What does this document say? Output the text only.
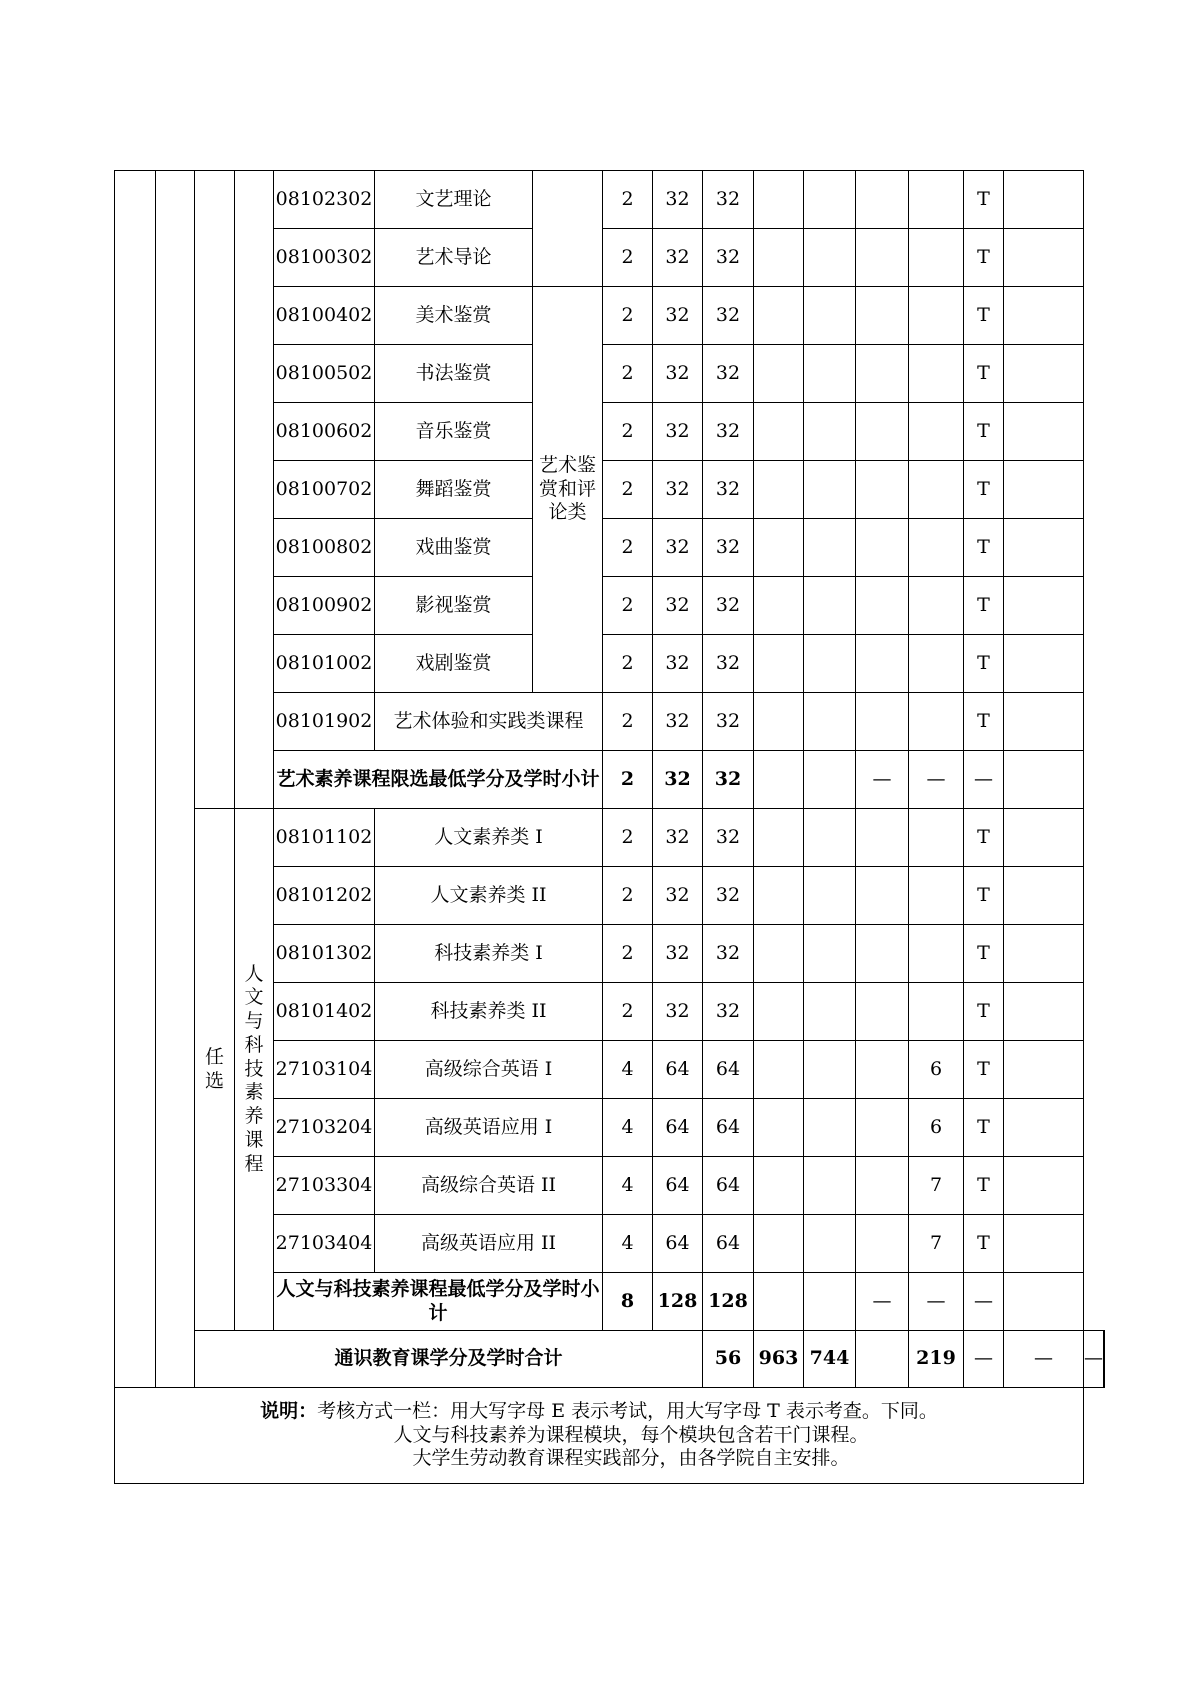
				08102302	文艺理论		2	32	32					T			
				08100302	艺术导论		2	32	32					T			
				08100402	美术鉴赏	艺术鉴赏和评论类	2	32	32					T			
				08100502	书法鉴赏		2	32	32					T			
				08100602	音乐鉴赏		2	32	32					T			
				08100702	舞蹈鉴赏		2	32	32					T			
				08100802	戏曲鉴赏		2	32	32					T			
				08100902	影视鉴赏		2	32	32					T			
				08101002	戏剧鉴赏		2	32	32					T			
				08101902	艺术体验和实践类课程		2	32	32					T			
				艺术素养课程限选最低学分及学时小计			2	32	32			—	—	—			

		任选	人文与科技素养课程	08101102	人文素养类 I		2	32	32					T			
				08101202	人文素养类 II		2	32	32					T			
				08101302	科技素养类 I		2	32	32					T			
				08101402	科技素养类 II		2	32	32					T			
				27103104	高级综合英语 I		4	64	64				6	T			
				27103204	高级英语应用 I		4	64	64				6	T			
				27103304	高级综合英语 II		4	64	64				7	T			
				27103404	高级英语应用 II		4	64	64				7	T			
				人文与科技素养课程最低学分及学时小计			8	128	128			—	—	—			
		通识教育课学分及学时合计							56	963	744		219	—	—	—	

说明：考核方式一栏：用大写字母 E 表示考试，用大写字母 T 表示考查。下同。
人文与科技素养为课程模块，每个模块包含若干门课程。
大学生劳动教育课程实践部分，由各学院自主安排。																	
